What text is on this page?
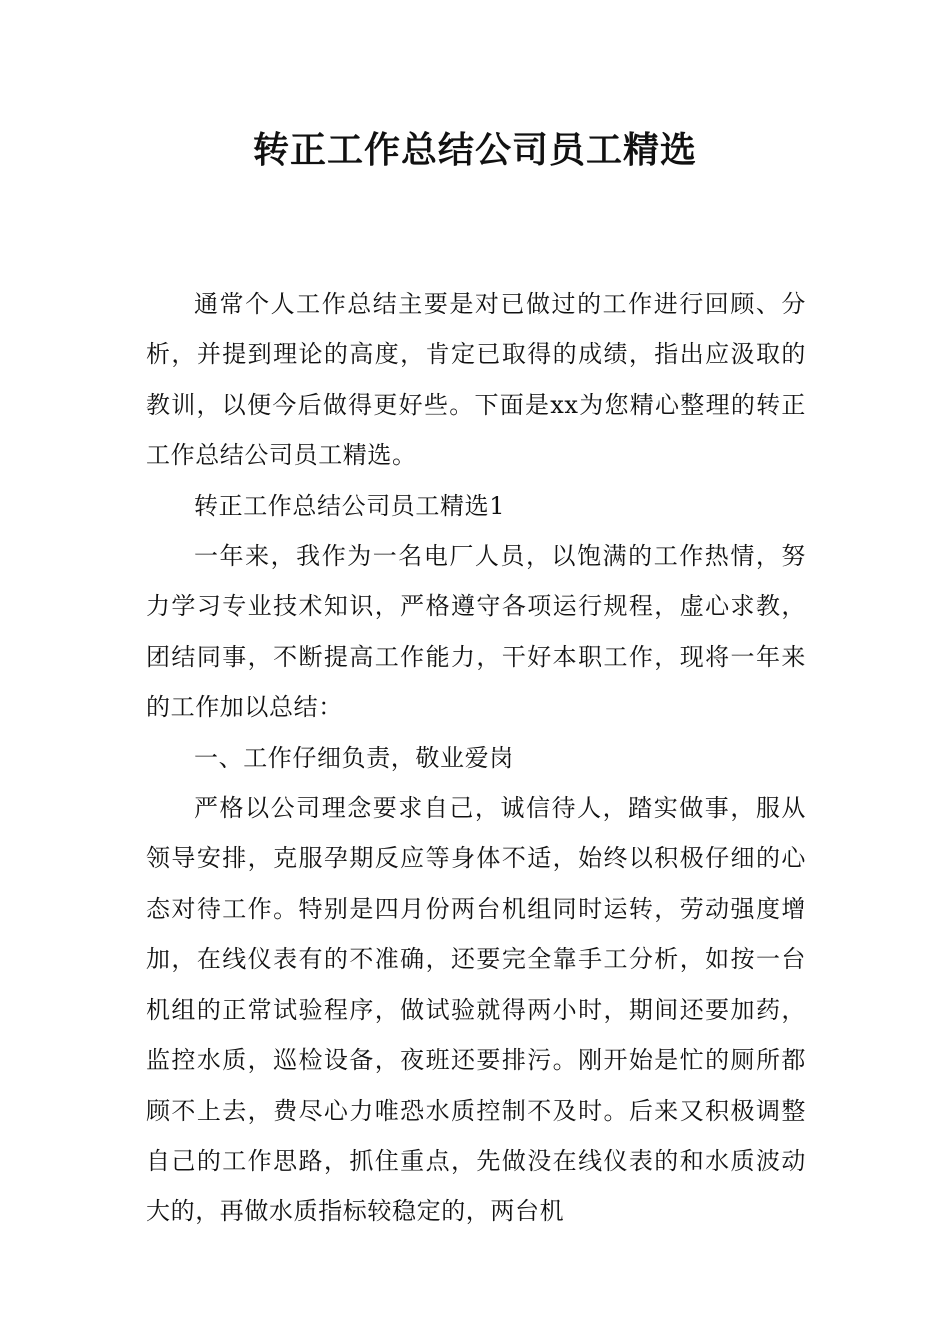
转正工作总结公司员工精选

通常个人工作总结主要是对已做过的工作进行回顾、分析，并提到理论的高度，肯定已取得的成绩，指出应汲取的教训，以便今后做得更好些。下面是xx为您精心整理的转正工作总结公司员工精选。

转正工作总结公司员工精选1

一年来，我作为一名电厂人员，以饱满的工作热情，努力学习专业技术知识，严格遵守各项运行规程，虚心求教，团结同事，不断提高工作能力，干好本职工作，现将一年来的工作加以总结：

一、工作仔细负责，敬业爱岗

严格以公司理念要求自己，诚信待人，踏实做事，服从领导安排，克服孕期反应等身体不适，始终以积极仔细的心态对待工作。特别是四月份两台机组同时运转，劳动强度增加，在线仪表有的不准确，还要完全靠手工分析，如按一台机组的正常试验程序，做试验就得两小时，期间还要加药，监控水质，巡检设备，夜班还要排污。刚开始是忙的厕所都顾不上去，费尽心力唯恐水质控制不及时。后来又积极调整自己的工作思路，抓住重点，先做没在线仪表的和水质波动大的，再做水质指标较稳定的，两台机
